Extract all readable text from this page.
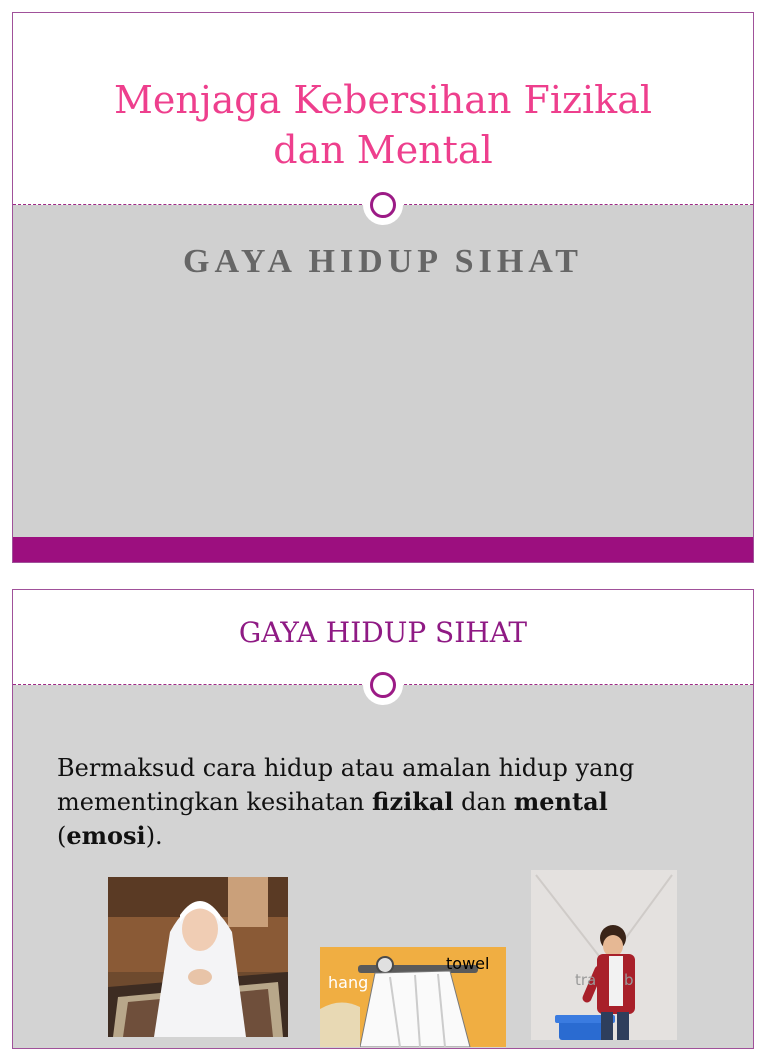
Menjaga Kebersihan Fizikal
dan Mental
GAYA HIDUP SIHAT
GAYA HIDUP SIHAT
Bermaksud cara hidup atau amalan hidup yang mementingkan kesihatan fizikal dan mental (emosi).
hang
towel
tra b
